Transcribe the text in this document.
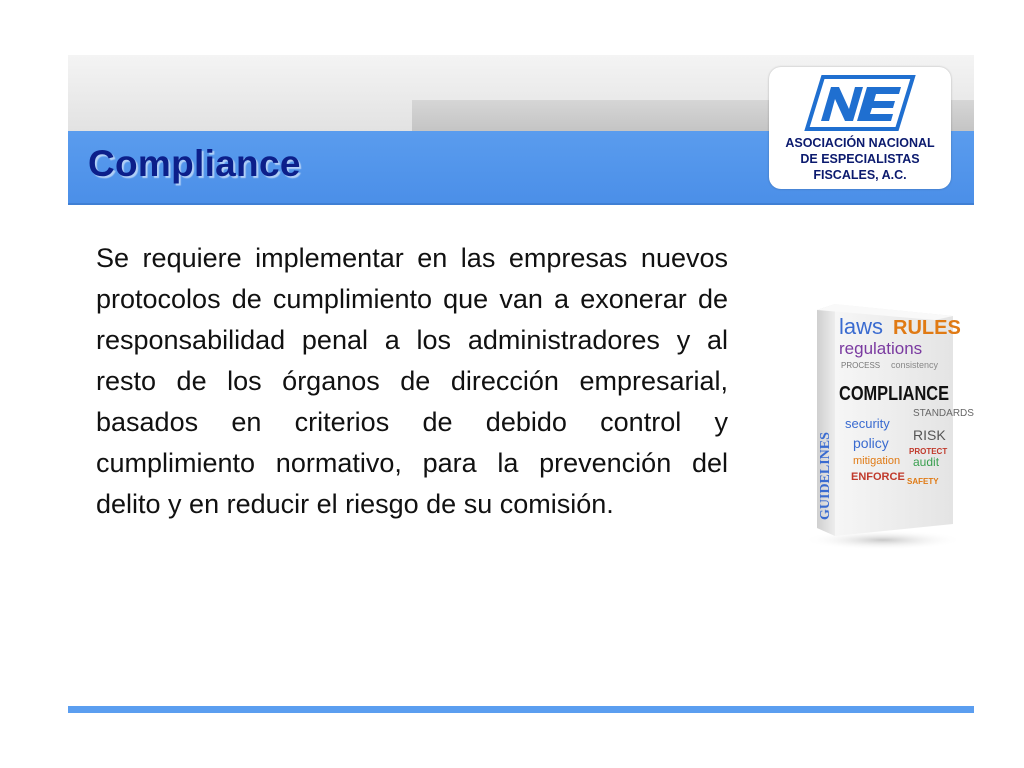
Compliance	ASOCIACIÓN NACIONAL
DE ESPECIALISTAS
FISCALES, A.C.
Se requiere implementar en las empresas nuevos protocolos de cumplimiento que van a exonerar de responsabilidad penal a los administradores y al resto de los órganos de dirección empresarial, basados en criterios de debido control y cumplimiento normativo, para la prevención del delito y en reducir el riesgo de su comisión.	GUIDELINES
laws RULES
regulations
PROCESS consistency
COMPLIANCE
STANDARDS
security
policy RISK
mitigation audit
ENFORCE
PROTECT
SAFETY
